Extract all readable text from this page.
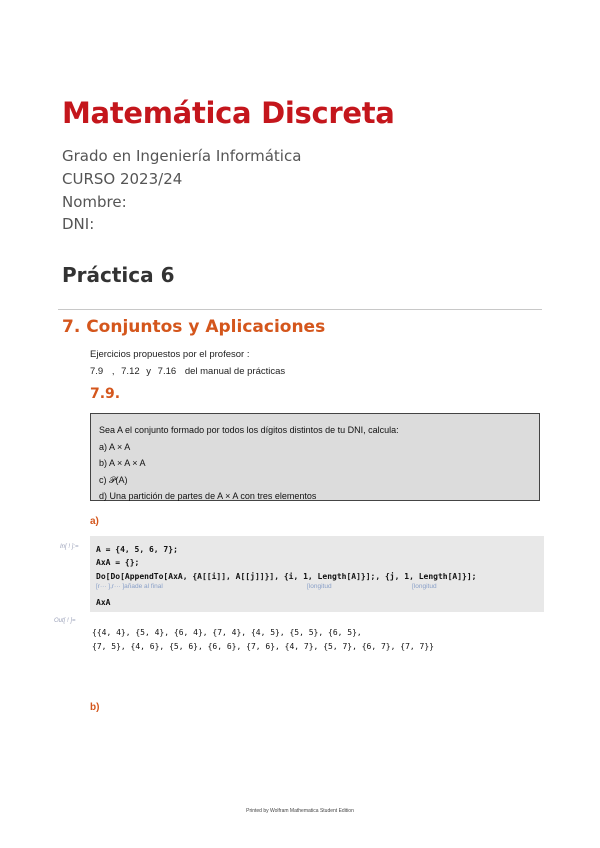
Matemática Discreta
Grado en Ingeniería Informática
CURSO 2023/24
Nombre:
DNI:
Práctica 6
7. Conjuntos y Aplicaciones
Ejercicios propuestos por el profesor :
7.9 , 7.12 y 7.16 del manual de prácticas
7.9.
Sea A el conjunto formado por todos los dígitos distintos de tu DNI, calcula:
a) A × A
b) A × A × A
c) 𝒫(A)
d) Una partición de partes de A × A con tres elementos
a)
In[ ! ]:= A = {4, 5, 6, 7};
AxA = {};
Do[Do[AppendTo[AxA, {A[[i]], A[[j]]}], {i, 1, Length[A]}];, {j, 1, Length[A]}];
[r··· ],r··· ]añade al final	[longitud	[longitud
AxA
Out[ ! ]=
{{4, 4}, {5, 4}, {6, 4}, {7, 4}, {4, 5}, {5, 5}, {6, 5},
{7, 5}, {4, 6}, {5, 6}, {6, 6}, {7, 6}, {4, 7}, {5, 7}, {6, 7}, {7, 7}}
b)
Printed by Wolfram Mathematica Student Edition
